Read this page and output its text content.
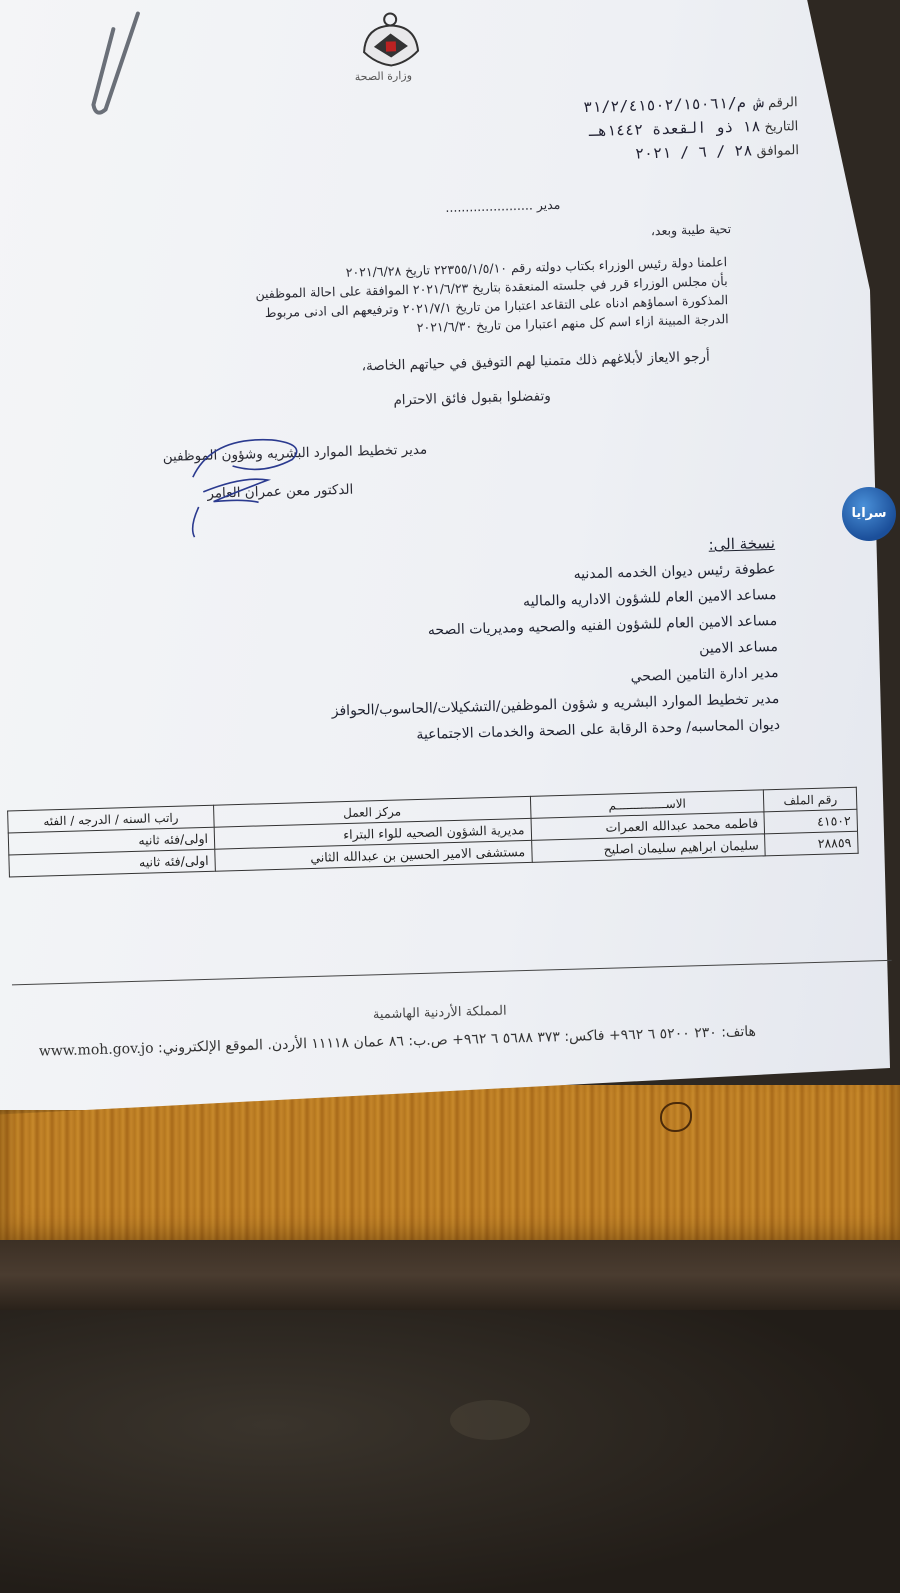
وزارة الصحة
الرقم ش م/٣١/٢/٤١٥٠٢/١٥٠٦١
التاريخ ١٨ ذو القعدة ١٤٤٢هـ
الموافق ٢٨ / ٦ / ٢٠٢١
مدير ......................
تحية طيبة وبعد،
اعلمنا دولة رئيس الوزراء بكتاب دولته رقم ٢٢٣٥٥/١/٥/١٠ تاريخ ٢٠٢١/٦/٢٨
بأن مجلس الوزراء قرر في جلسته المنعقدة بتاريخ ٢٠٢١/٦/٢٣ الموافقة على احالة الموظفين
المذكورة اسماؤهم ادناه على التقاعد اعتبارا من تاريخ ٢٠٢١/٧/١ وترفيعهم الى ادنى مربوط
الدرجة المبينة ازاء اسم كل منهم اعتبارا من تاريخ ٢٠٢١/٦/٣٠
أرجو الايعاز لأبلاغهم ذلك متمنيا لهم التوفيق في حياتهم الخاصة،
وتفضلوا بقبول فائق الاحترام
مدير تخطيط الموارد البشريه وشؤون الموظفين
الدكتور معن عمران العامر
نسخة الى:
عطوفة رئيس ديوان الخدمه المدنيه
مساعد الامين العام للشؤون الاداريه والماليه
مساعد الامين العام للشؤون الفنيه والصحيه ومديريات الصحه
مساعد الامين
مدير ادارة التامين الصحي
مدير تخطيط الموارد البشريه و شؤون الموظفين/التشكيلات/الحاسوب/الحوافز
ديوان المحاسبه/ وحدة الرقابة على الصحة والخدمات الاجتماعية
رقم الملف	الاســــــــــــــم	مركز العمل	راتب السنه / الدرجه / الفئه
٤١٥٠٢	فاطمه محمد عبدالله العمرات	مديرية الشؤون الصحيه للواء البتراء	اولى/فئه ثانيه
٢٨٨٥٩	سليمان ابراهيم سليمان اصليح	مستشفى الامير الحسين بن عبدالله الثاني	اولى/فئه ثانيه
المملكة الأردنية الهاشمية
www.moh.gov.jo هاتف: ٢٣٠ ٥٢٠٠ ٦ ٩٦٢+ فاكس: ٣٧٣ ٥٦٨٨ ٦ ٩٦٢+ ص.ب: ٨٦ عمان ١١١١٨ الأردن. الموقع الإلكتروني:
سرايا
